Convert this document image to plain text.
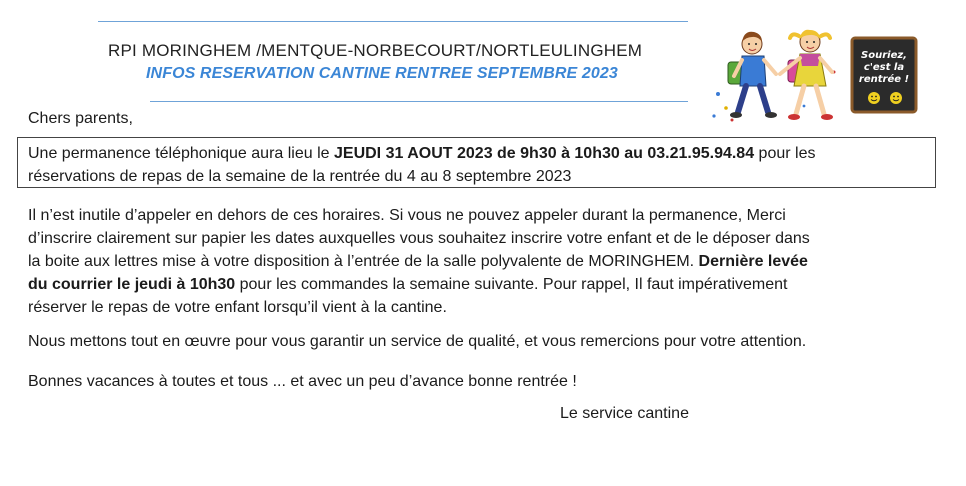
RPI MORINGHEM /MENTQUE-NORBECOURT/NORTLEULINGHEM
INFOS RESERVATION CANTINE RENTREE SEPTEMBRE 2023
Souriez,
c'est la
rentrée !
Chers parents,
Une permanence téléphonique aura lieu le JEUDI 31 AOUT 2023 de 9h30 à 10h30 au 03.21.95.94.84 pour les
réservations de repas de la semaine de la rentrée du 4 au 8 septembre 2023
Il n’est inutile d’appeler en dehors de ces horaires. Si vous ne pouvez appeler durant la permanence, Merci
d’inscrire clairement sur papier les dates auxquelles vous souhaitez inscrire votre enfant et de le déposer dans
la boite aux lettres mise à votre disposition à l’entrée de la salle polyvalente de MORINGHEM. Dernière levée
du courrier le jeudi à 10h30 pour les commandes la semaine suivante. Pour rappel, Il faut impérativement
réserver le repas de votre enfant lorsqu’il vient à la cantine.
Nous mettons tout en œuvre pour vous garantir un service de qualité, et vous remercions pour votre attention.
Bonnes vacances à toutes et tous ... et avec un peu d’avance bonne rentrée !
Le service cantine
